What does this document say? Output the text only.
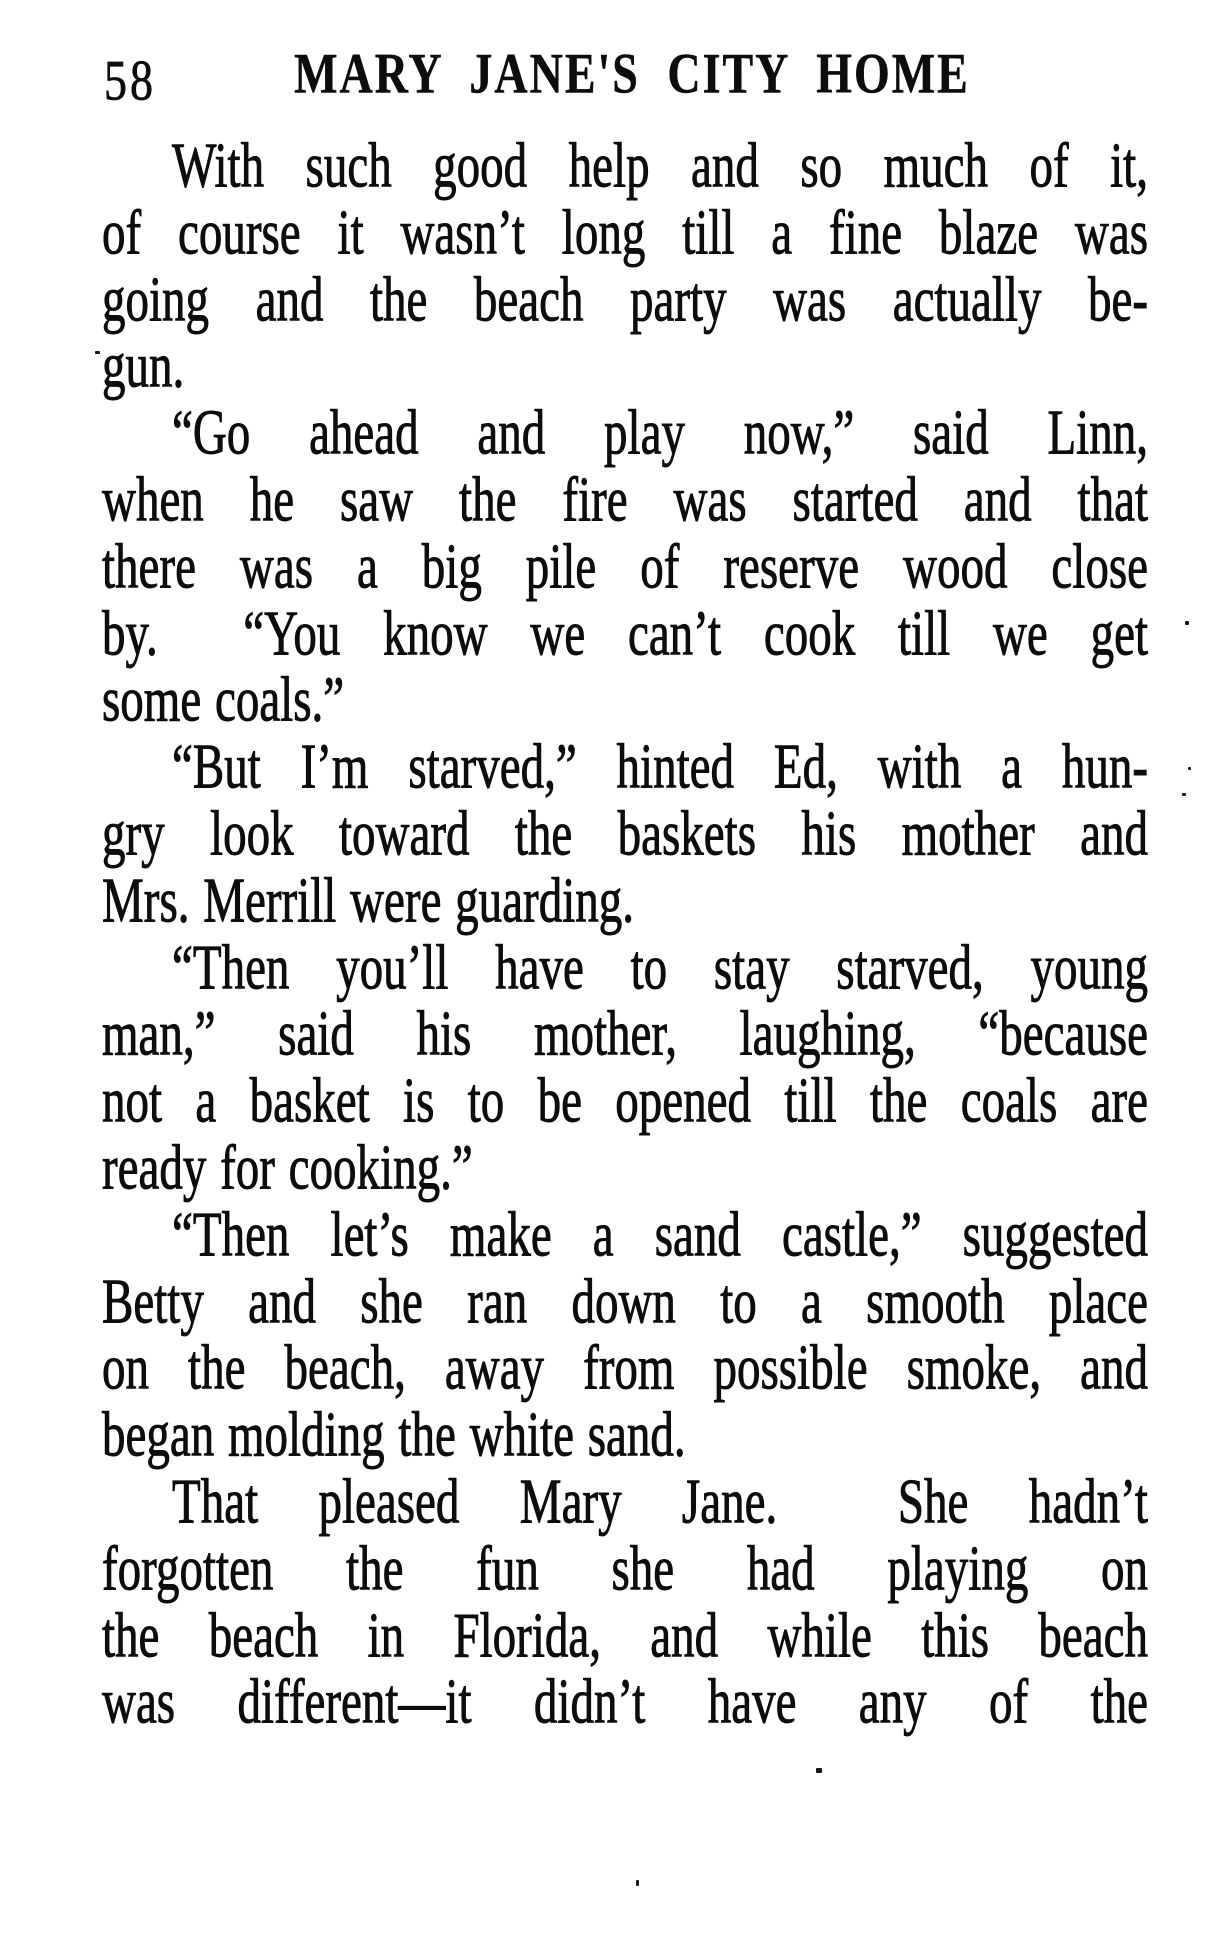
58	MARY JANE'S CITY HOME

With such good help and so much of it,
of course it wasn’t long till a fine blaze was
going and the beach party was actually be-
gun.

“Go ahead and play now,” said Linn,
when he saw the fire was started and that
there was a big pile of reserve wood close
by.  “You know we can’t cook till we get
some coals.”

“But I’m starved,” hinted Ed, with a hun-
gry look toward the baskets his mother and
Mrs. Merrill were guarding.

“Then you’ll have to stay starved, young
man,” said his mother, laughing, “because
not a basket is to be opened till the coals are
ready for cooking.”

“Then let’s make a sand castle,” suggested
Betty and she ran down to a smooth place
on the beach, away from possible smoke, and
began molding the white sand.

That pleased Mary Jane.  She hadn’t
forgotten the fun she had playing on
the beach in Florida, and while this beach
was different—it didn’t have any of the
